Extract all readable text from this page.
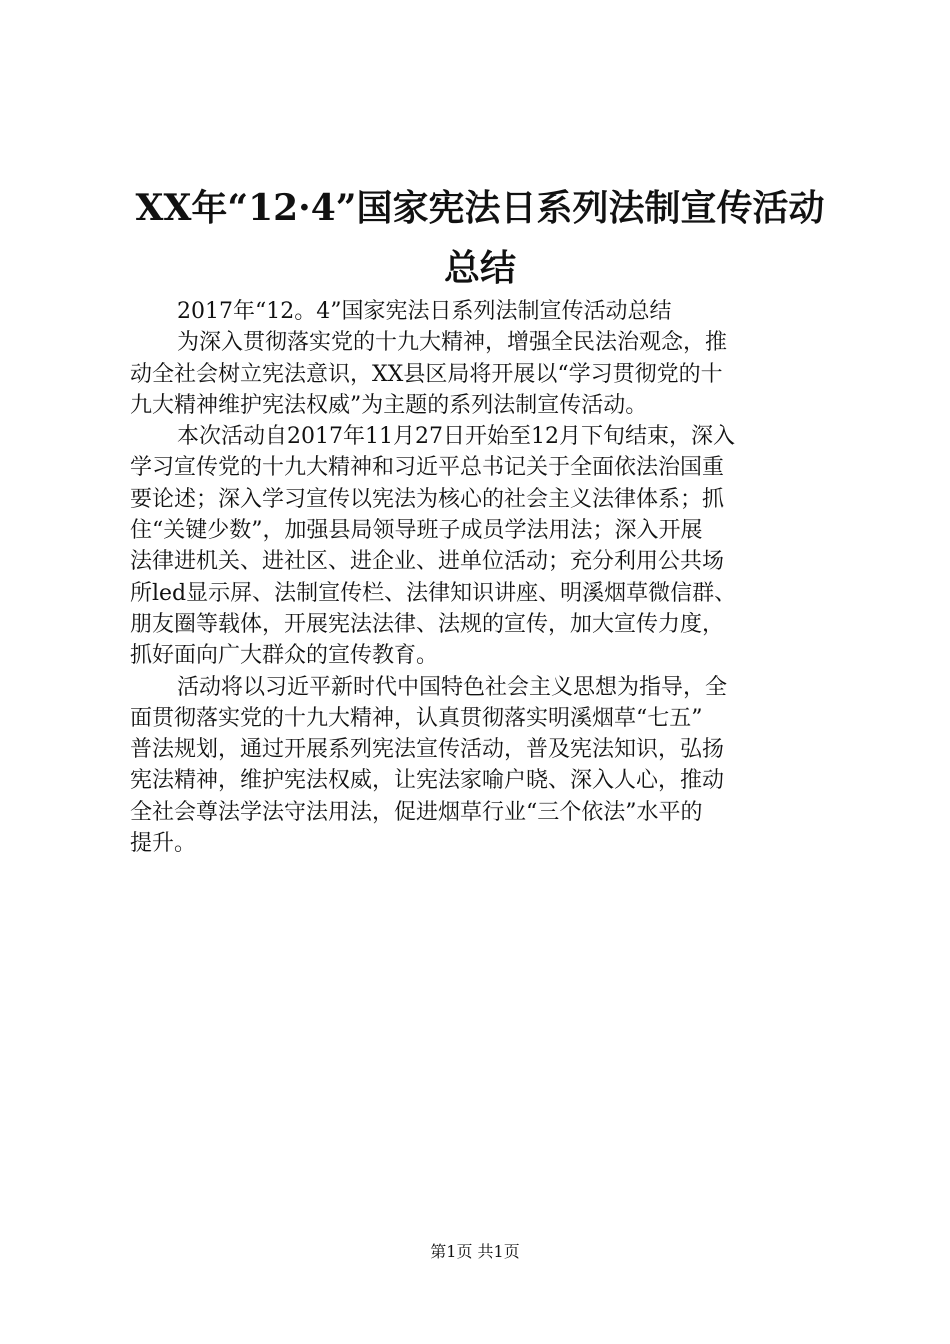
XX年“12·4”国家宪法日系列法制宣传活动
总结
2017年“12。4”国家宪法日系列法制宣传活动总结
为深入贯彻落实党的十九大精神，增强全民法治观念，推
动全社会树立宪法意识，XX县区局将开展以“学习贯彻党的十
九大精神维护宪法权威”为主题的系列法制宣传活动。
本次活动自2017年11月27日开始至12月下旬结束，深入
学习宣传党的十九大精神和习近平总书记关于全面依法治国重
要论述；深入学习宣传以宪法为核心的社会主义法律体系；抓
住“关键少数”，加强县局领导班子成员学法用法；深入开展
法律进机关、进社区、进企业、进单位活动；充分利用公共场
所led显示屏、法制宣传栏、法律知识讲座、明溪烟草微信群、
朋友圈等载体，开展宪法法律、法规的宣传，加大宣传力度，
抓好面向广大群众的宣传教育。
活动将以习近平新时代中国特色社会主义思想为指导，全
面贯彻落实党的十九大精神，认真贯彻落实明溪烟草“七五”
普法规划，通过开展系列宪法宣传活动，普及宪法知识，弘扬
宪法精神，维护宪法权威，让宪法家喻户晓、深入人心，推动
全社会尊法学法守法用法，促进烟草行业“三个依法”水平的
提升。
第1页 共1页
